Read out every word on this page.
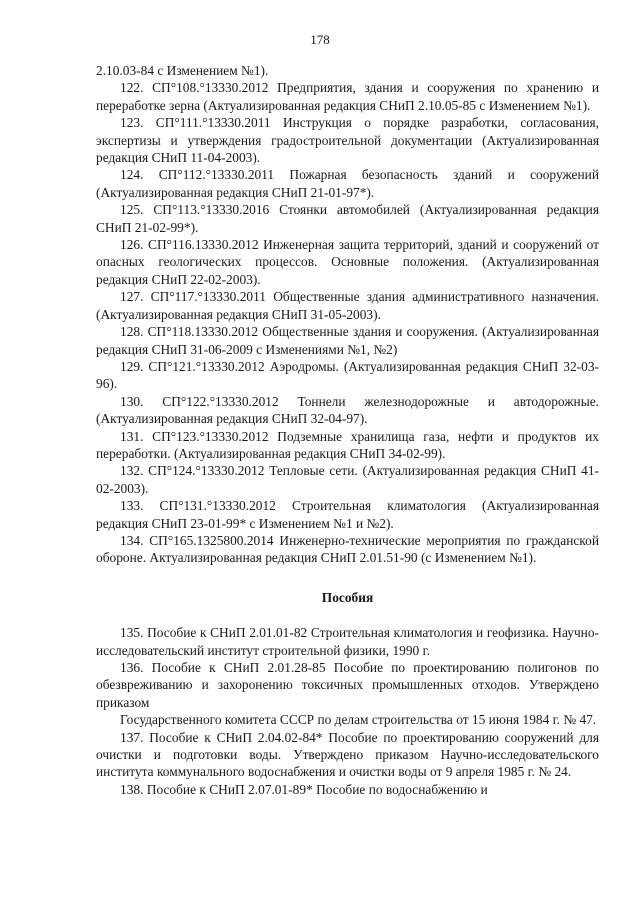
178

2.10.03-84 с Изменением №1).

122. СП°108.°13330.2012 Предприятия, здания и сооружения по хранению и переработке зерна (Актуализированная редакция СНиП 2.10.05-85 с Изменением №1).

123. СП°111.°13330.2011 Инструкция о порядке разработки, согласования, экспертизы и утверждения градостроительной документации (Актуализированная редакция СНиП 11-04-2003).

124. СП°112.°13330.2011 Пожарная безопасность зданий и сооружений (Актуализированная редакция СНиП 21-01-97*).

125. СП°113.°13330.2016 Стоянки автомобилей (Актуализированная редакция СНиП 21-02-99*).

126. СП°116.13330.2012 Инженерная защита территорий, зданий и сооружений от опасных геологических процессов. Основные положения. (Актуализированная редакция СНиП 22-02-2003).

127. СП°117.°13330.2011 Общественные здания административного назначения. (Актуализированная редакция СНиП 31-05-2003).

128. СП°118.13330.2012 Общественные здания и сооружения. (Актуализированная редакция СНиП 31-06-2009 с Изменениями №1, №2)

129. СП°121.°13330.2012 Аэродромы. (Актуализированная редакция СНиП 32-03-96).

130. СП°122.°13330.2012 Тоннели железнодорожные и автодорожные. (Актуализированная редакция СНиП 32-04-97).

131. СП°123.°13330.2012 Подземные хранилища газа, нефти и продуктов их переработки. (Актуализированная редакция СНиП 34-02-99).

132. СП°124.°13330.2012 Тепловые сети. (Актуализированная редакция СНиП 41-02-2003).

133. СП°131.°13330.2012 Строительная климатология (Актуализированная редакция СНиП 23-01-99* с Изменением №1 и №2).

134. СП°165.1325800.2014 Инженерно-технические мероприятия по гражданской обороне. Актуализированная редакция СНиП 2.01.51-90 (с Изменением №1).

Пособия

135. Пособие к СНиП 2.01.01-82 Строительная климатология и геофизика. Научно-исследовательский институт строительной физики, 1990 г.

136. Пособие к СНиП 2.01.28-85 Пособие по проектированию полигонов по обезвреживанию и захоронению токсичных промышленных отходов. Утверждено приказом

Государственного комитета СССР по делам строительства от 15 июня 1984 г. № 47.

137. Пособие к СНиП 2.04.02-84* Пособие по проектированию сооружений для очистки и подготовки воды. Утверждено приказом Научно-исследовательского института коммунального водоснабжения и очистки воды от 9 апреля 1985 г. № 24.

138. Пособие к СНиП 2.07.01-89* Пособие по водоснабжению и
